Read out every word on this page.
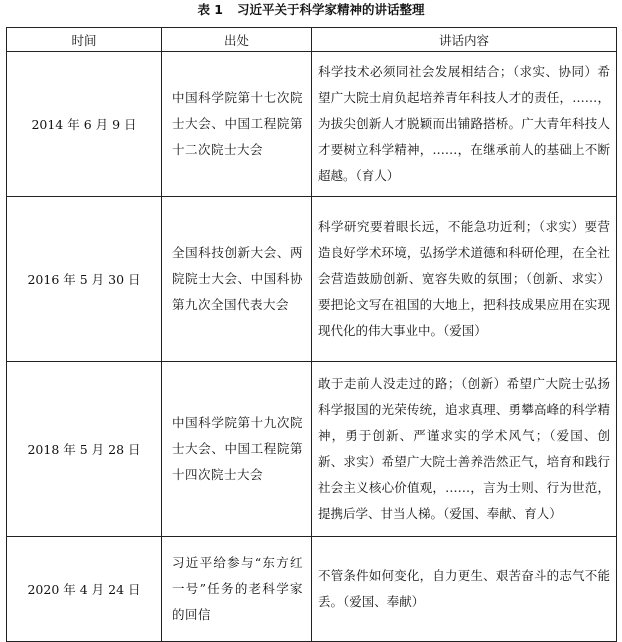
表 1 习近平关于科学家精神的讲话整理
时间	出处	讲话内容
2014 年 6 月 9 日	中国科学院第十七次院士大会、中国工程院第十二次院士大会	科学技术必须同社会发展相结合；（求实、协同）希望广大院士肩负起培养青年科技人才的责任，……，为拔尖创新人才脱颖而出铺路搭桥。广大青年科技人才要树立科学精神，……，在继承前人的基础上不断超越。（育人）
2016 年 5 月 30 日	全国科技创新大会、两院院士大会、中国科协第九次全国代表大会	科学研究要着眼长远，不能急功近利；（求实）要营造良好学术环境，弘扬学术道德和科研伦理，在全社会营造鼓励创新、宽容失败的氛围；（创新、求实）要把论文写在祖国的大地上，把科技成果应用在实现现代化的伟大事业中。（爱国）
2018 年 5 月 28 日	中国科学院第十九次院士大会、中国工程院第十四次院士大会	敢于走前人没走过的路；（创新）希望广大院士弘扬科学报国的光荣传统，追求真理、勇攀高峰的科学精神，勇于创新、严谨求实的学术风气；（爱国、创新、求实）希望广大院士善养浩然正气，培育和践行社会主义核心价值观，……，言为士则、行为世范，提携后学、甘当人梯。（爱国、奉献、育人）
2020 年 4 月 24 日	习近平给参与“东方红一号”任务的老科学家的回信	不管条件如何变化，自力更生、艰苦奋斗的志气不能丢。（爱国、奉献）
